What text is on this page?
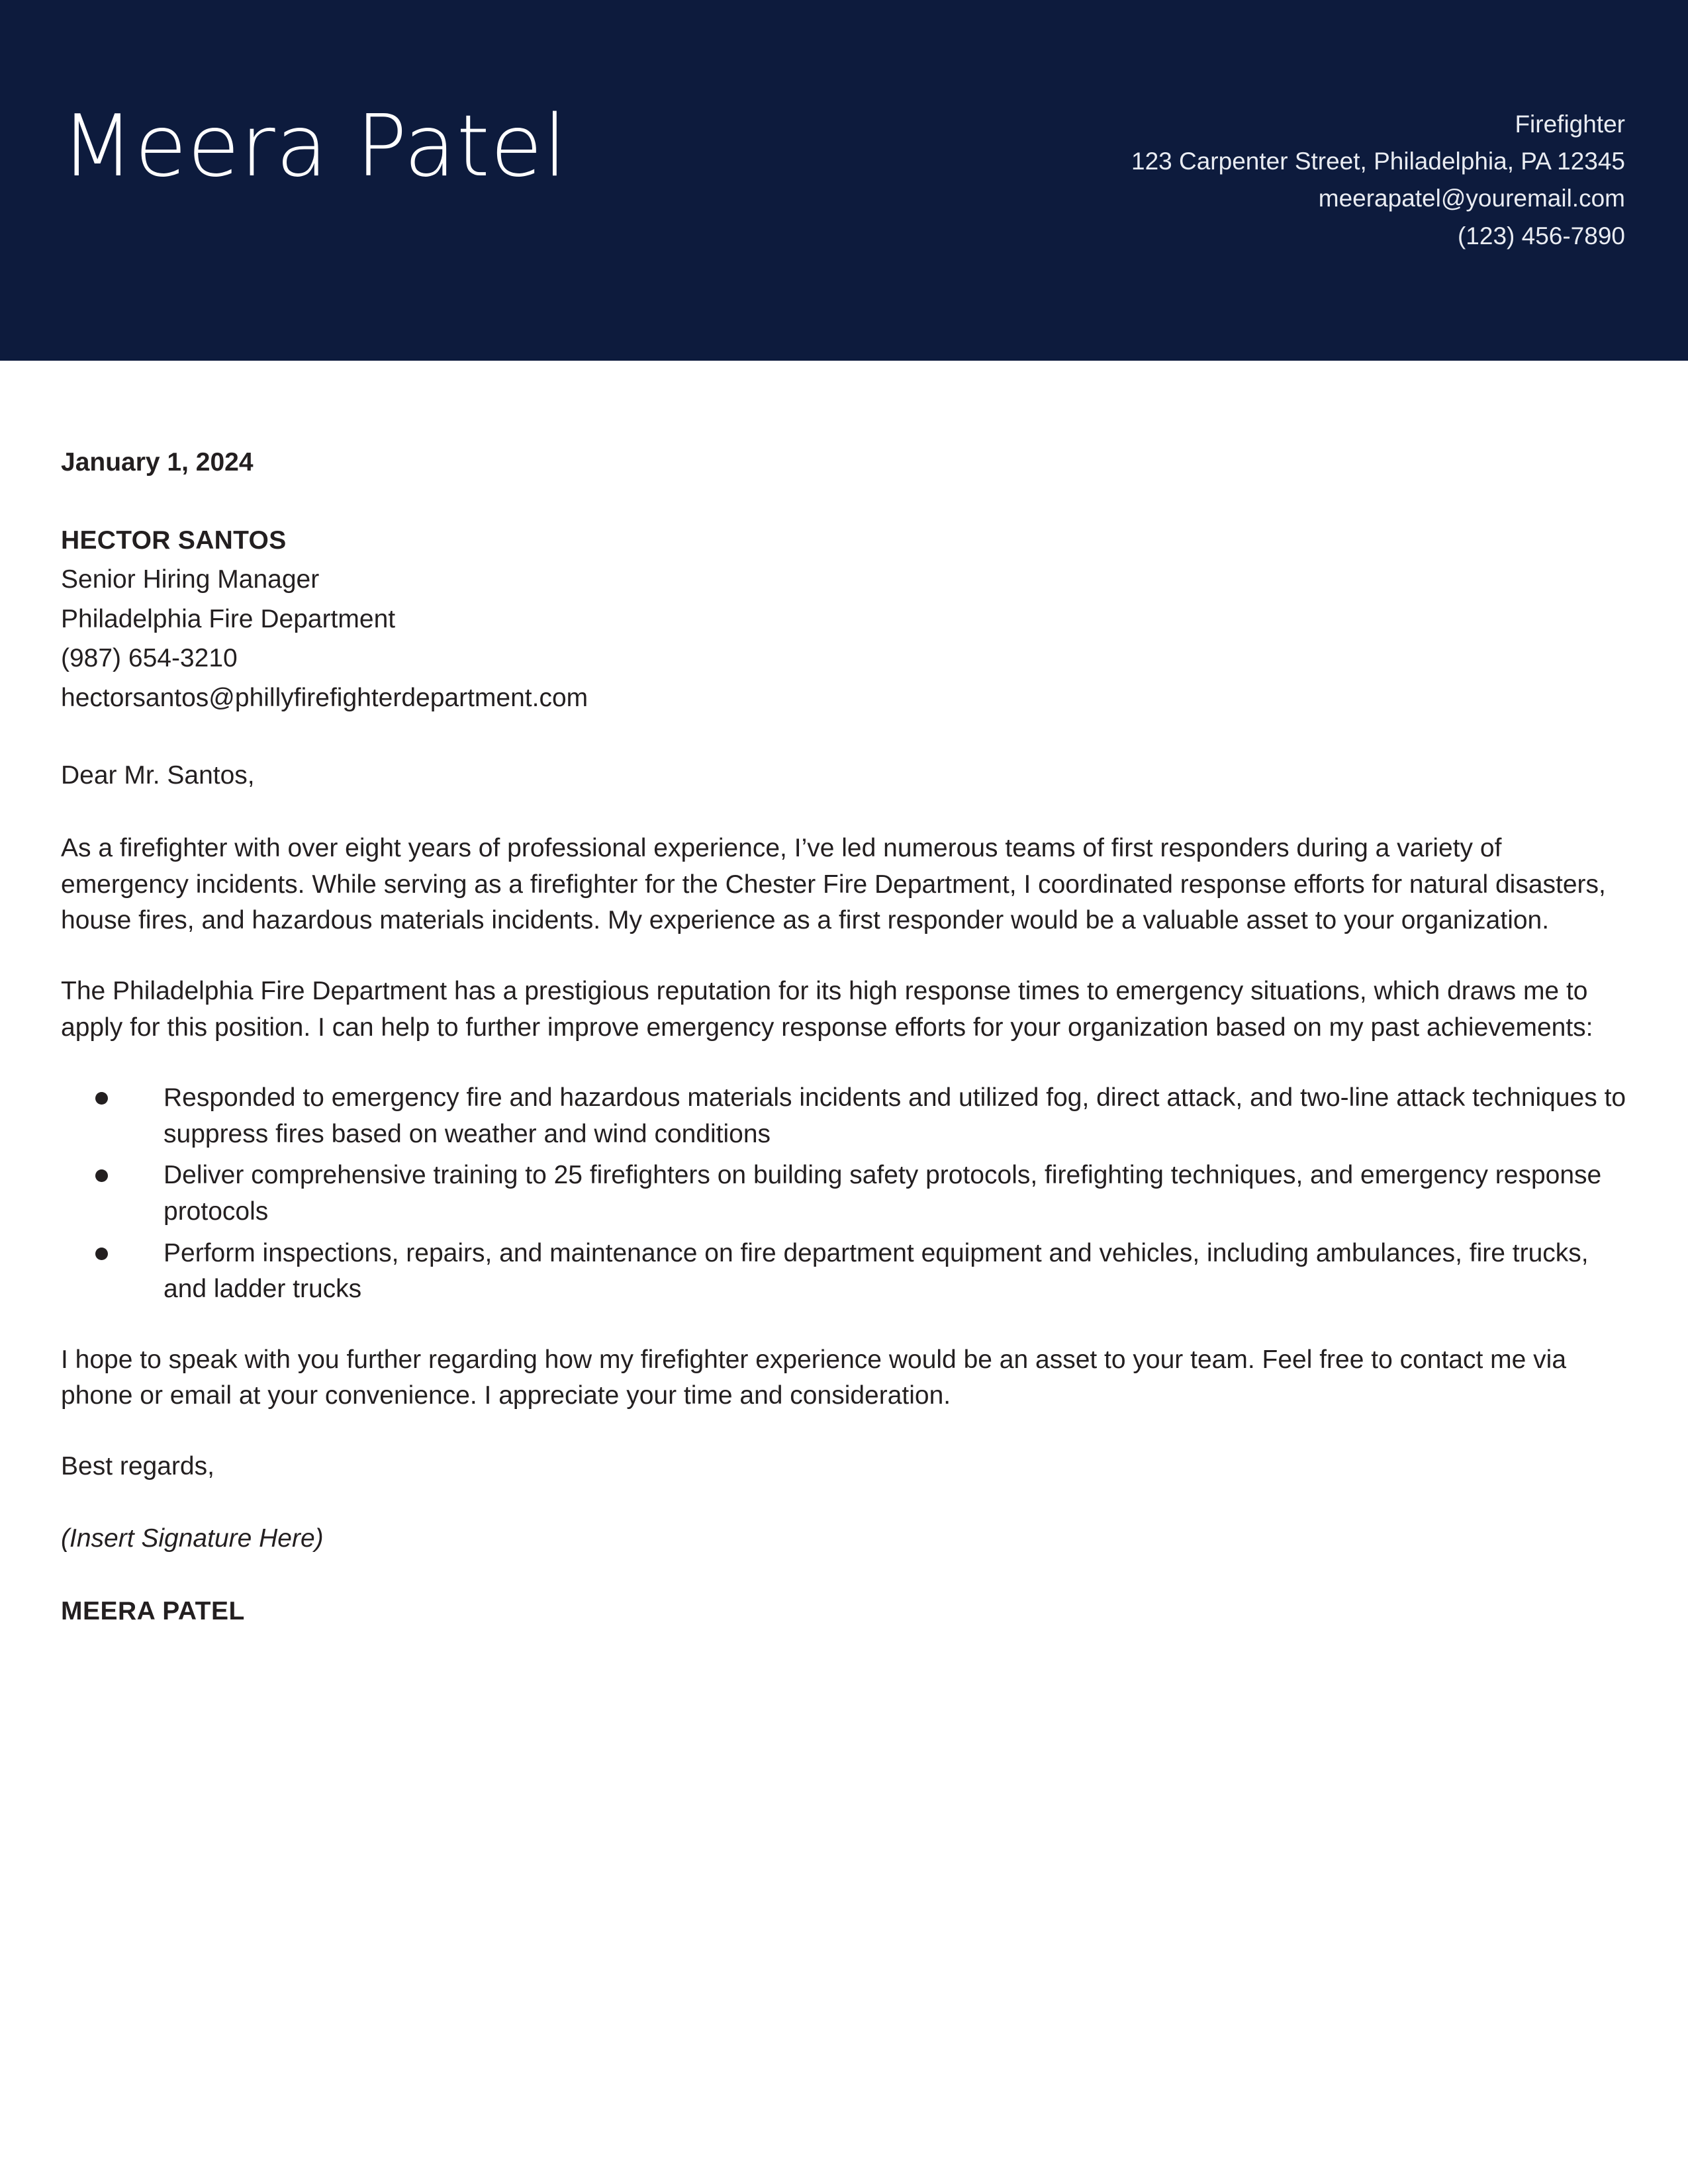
Meera Patel	Firefighter
123 Carpenter Street, Philadelphia, PA 12345
meerapatel@youremail.com
(123) 456-7890
January 1, 2024
HECTOR SANTOS
Senior Hiring Manager
Philadelphia Fire Department
(987) 654-3210
hectorsantos@phillyfirefighterdepartment.com

Dear Mr. Santos,

As a firefighter with over eight years of professional experience, I’ve led numerous teams of first responders during a variety of emergency incidents. While serving as a firefighter for the Chester Fire Department, I coordinated response efforts for natural disasters, house fires, and hazardous materials incidents. My experience as a first responder would be a valuable asset to your organization.

The Philadelphia Fire Department has a prestigious reputation for its high response times to emergency situations, which draws me to apply for this position. I can help to further improve emergency response efforts for your organization based on my past achievements:

Responded to emergency fire and hazardous materials incidents and utilized fog, direct attack, and two-line attack techniques to suppress fires based on weather and wind conditions
Deliver comprehensive training to 25 firefighters on building safety protocols, firefighting techniques, and emergency response protocols
Perform inspections, repairs, and maintenance on fire department equipment and vehicles, including ambulances, fire trucks, and ladder trucks

I hope to speak with you further regarding how my firefighter experience would be an asset to your team. Feel free to contact me via phone or email at your convenience. I appreciate your time and consideration.

Best regards,

(Insert Signature Here)

MEERA PATEL
